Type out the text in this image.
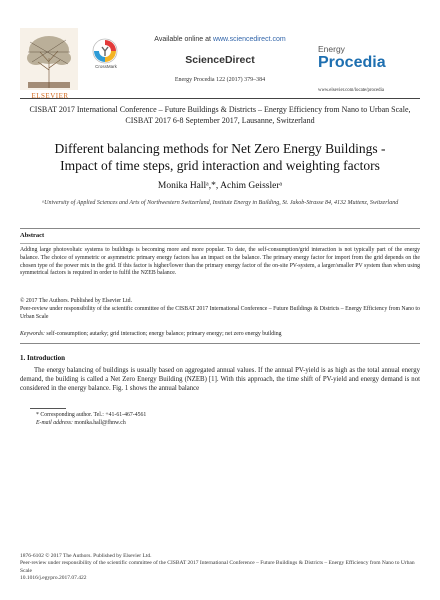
ELSEVIER
CrossMark
Available online at www.sciencedirect.com
ScienceDirect
Energy Procedia 122 (2017) 379–384
Energy
Procedia
www.elsevier.com/locate/procedia
CISBAT 2017 International Conference – Future Buildings & Districts – Energy Efficiency from Nano to Urban Scale, CISBAT 2017 6-8 September 2017, Lausanne, Switzerland
Different balancing methods for Net Zero Energy Buildings -
Impact of time steps, grid interaction and weighting factors
Monika Hallᵃ,*, Achim Geisslerᵃ
ᵃUniversity of Applied Sciences and Arts of Northwestern Switzerland, Institute Energy in Building, St. Jakob-Strasse 84, 4132 Muttenz, Switzerland
Abstract
Adding large photovoltaic systems to buildings is becoming more and more popular. To date, the self-consumption/grid interaction is not typically part of the energy balance. The choice of symmetric or asymmetric primary energy factors has an impact on the balance. The primary energy factor for import from the grid depends on the chosen type of the power mix in the grid. If this factor is higher/lower than the primary energy factor of the on-site PV-system, a larger/smaller PV system than when using symmetrical factors is required in order to fulfil the NZEB balance.
© 2017 The Authors. Published by Elsevier Ltd.
Peer-review under responsibility of the scientific committee of the CISBAT 2017 International Conference – Future Buildings & Districts – Energy Efficiency from Nano to Urban Scale
Keywords: self-consumption; autarky; grid interaction; energy balance; primary energy; net zero energy building
1. Introduction
The energy balancing of buildings is usually based on aggregated annual values. If the annual PV-yield is as high as the total annual energy demand, the building is called a Net Zero Energy Building (NZEB) [1]. With this approach, the time shift of PV-yield and energy demand is not considered in the energy balance. Fig. 1 shows the annual balance
* Corresponding author. Tel.: +41-61-467-4561
E-mail address: monika.hall@fhnw.ch
1876-6102 © 2017 The Authors. Published by Elsevier Ltd.
Peer-review under responsibility of the scientific committee of the CISBAT 2017 International Conference – Future Buildings & Districts – Energy Efficiency from Nano to Urban Scale
10.1016/j.egypro.2017.07.422
